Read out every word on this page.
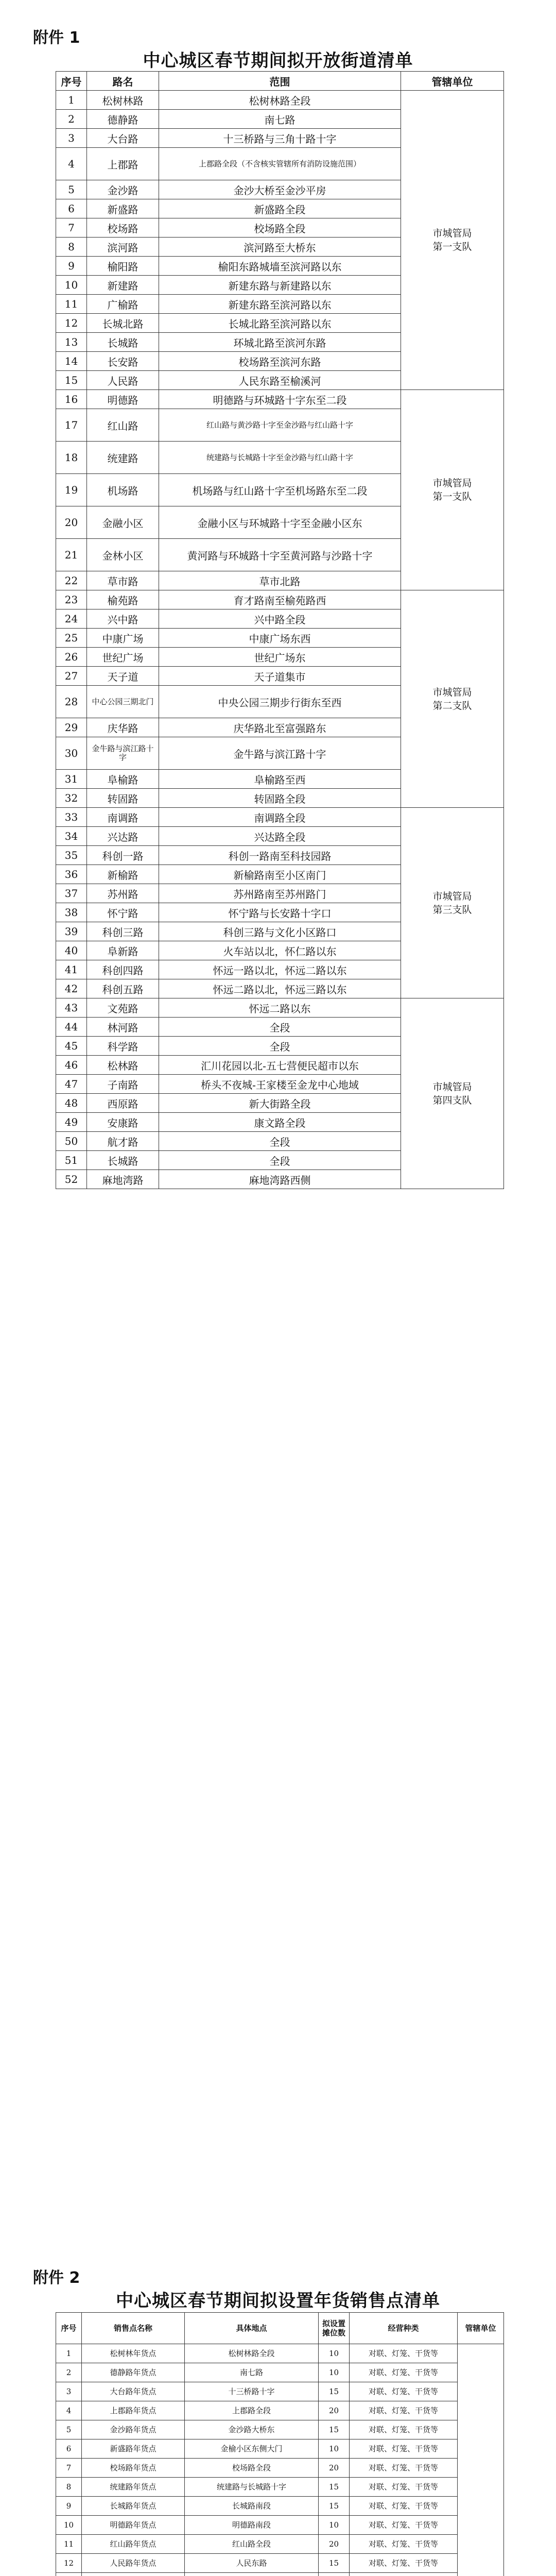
附件 1
中心城区春节期间拟开放街道清单
序号	路名	范围	管辖单位
1	松树林路	松树林路全段	市城管局
第一支队
2	德静路	南七路	
3	大台路	十三桥路与三角十路十字	
4	上郡路	上郡路全段（不含核实管辖所有消防设施范围）	
5	金沙路	金沙大桥至金沙平房	
6	新盛路	新盛路全段	
7	校场路	校场路全段	
8	滨河路	滨河路至大桥东	
9	榆阳路	榆阳东路城墙至滨河路以东	
10	新建路	新建东路与新建路以东	
11	广榆路	新建东路至滨河路以东	
12	长城北路	长城北路至滨河路以东	
13	长城路	环城北路至滨河东路	
14	长安路	校场路至滨河东路	
15	人民路	人民东路至榆溪河	
16	明德路	明德路与环城路十字东至二段	市城管局
第一支队
17	红山路	红山路与黄沙路十字至金沙路与红山路十字	
18	统建路	统建路与长城路十字至金沙路与红山路十字	
19	机场路	机场路与红山路十字至机场路东至二段	
20	金融小区	金融小区与环城路十字至金融小区东	
21	金林小区	黄河路与环城路十字至黄河路与沙路十字	
22	草市路	草市北路	
23	榆苑路	育才路南至榆苑路西	市城管局
第二支队
24	兴中路	兴中路全段	
25	中康广场	中康广场东西	
26	世纪广场	世纪广场东	
27	天子道	天子道集市	
28	中心公园三期北门	中央公园三期步行街东至西	
29	庆华路	庆华路北至富强路东	
30	金牛路与滨江路十字	金牛路与滨江路十字	
31	阜榆路	阜榆路至西	
32	转固路	转固路全段	
33	南调路	南调路全段	市城管局
第三支队
34	兴达路	兴达路全段	
35	科创一路	科创一路南至科技园路	
36	新榆路	新榆路南至小区南门	
37	苏州路	苏州路南至苏州路门	
38	怀宁路	怀宁路与长安路十字口	
39	科创三路	科创三路与文化小区路口	
40	阜新路	火车站以北，怀仁路以东	
41	科创四路	怀远一路以北，怀远二路以东	
42	科创五路	怀远二路以北，怀远三路以东	
43	文苑路	怀远二路以东	市城管局
第四支队
44	林河路	全段	
45	科学路	全段	
46	松林路	汇川花园以北-五七营便民超市以东	
47	子南路	桥头不夜城-王家楼至金龙中心地域	
48	西原路	新大街路全段	
49	安康路	康文路全段	
50	航才路	全段	
51	长城路	全段	
52	麻地湾路	麻地湾路西侧	
附件 2
中心城区春节期间拟设置年货销售点清单
序号	销售点名称	具体地点	拟设置摊位数	经营种类	管辖单位
1	松树林年货点	松树林路全段	10	对联、灯笼、干货等	
2	德静路年货点	南七路	10	对联、灯笼、干货等	
3	大台路年货点	十三桥路十字	15	对联、灯笼、干货等	
4	上郡路年货点	上郡路全段	20	对联、灯笼、干货等	
5	金沙路年货点	金沙路大桥东	15	对联、灯笼、干货等	
6	新盛路年货点	金榆小区东侧大门	10	对联、灯笼、干货等	
7	校场路年货点	校场路全段	20	对联、灯笼、干货等	
8	统建路年货点	统建路与长城路十字	15	对联、灯笼、干货等	
9	长城路年货点	长城路南段	15	对联、灯笼、干货等	
10	明德路年货点	明德路南段	10	对联、灯笼、干货等	
11	红山路年货点	红山路全段	20	对联、灯笼、干货等	
12	人民路年货点	人民东路	15	对联、灯笼、干货等	
